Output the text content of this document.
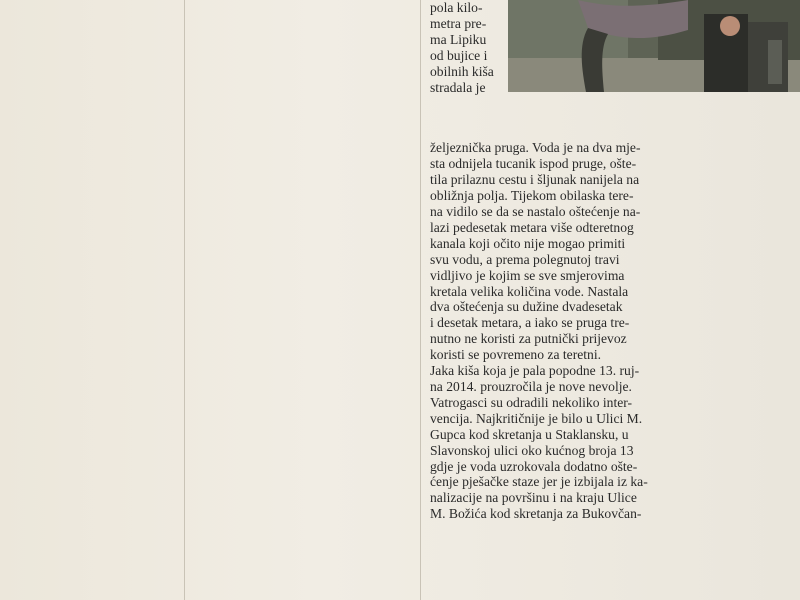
pola kilo-

metra pre-

ma Lipiku

od bujice i

obilnih kiša

stradala je

željeznička pruga. Voda je na dva mje-

sta odnijela tucanik ispod pruge, ošte-

tila prilaznu cestu i šljunak nanijela na

obližnja polja. Tijekom obilaska tere-

na vidilo se da se nastalo oštećenje na-

lazi pedesetak metara više odteretnog

kanala koji očito nije mogao primiti

svu vodu, a prema polegnutoj travi

vidljivo je kojim se sve smjerovima

kretala velika količina vode. Nastala

dva oštećenja su dužine dvadesetak

i desetak metara, a iako se pruga tre-

nutno ne koristi za putnički prijevoz

koristi se povremeno za teretni.

Jaka kiša koja je pala popodne 13. ruj-

na 2014. prouzročila je nove nevolje.

Vatrogasci su odradili nekoliko inter-

vencija. Najkritičnije je bilo u Ulici M.

Gupca kod skretanja u Staklansku, u

Slavonskoj ulici oko kućnog broja 13

gdje je voda uzrokovala dodatno ošte-

ćenje pješačke staze jer je izbijala iz ka-

nalizacije na površinu i na kraju Ulice

M. Božića kod skretanja za Bukovčan-
